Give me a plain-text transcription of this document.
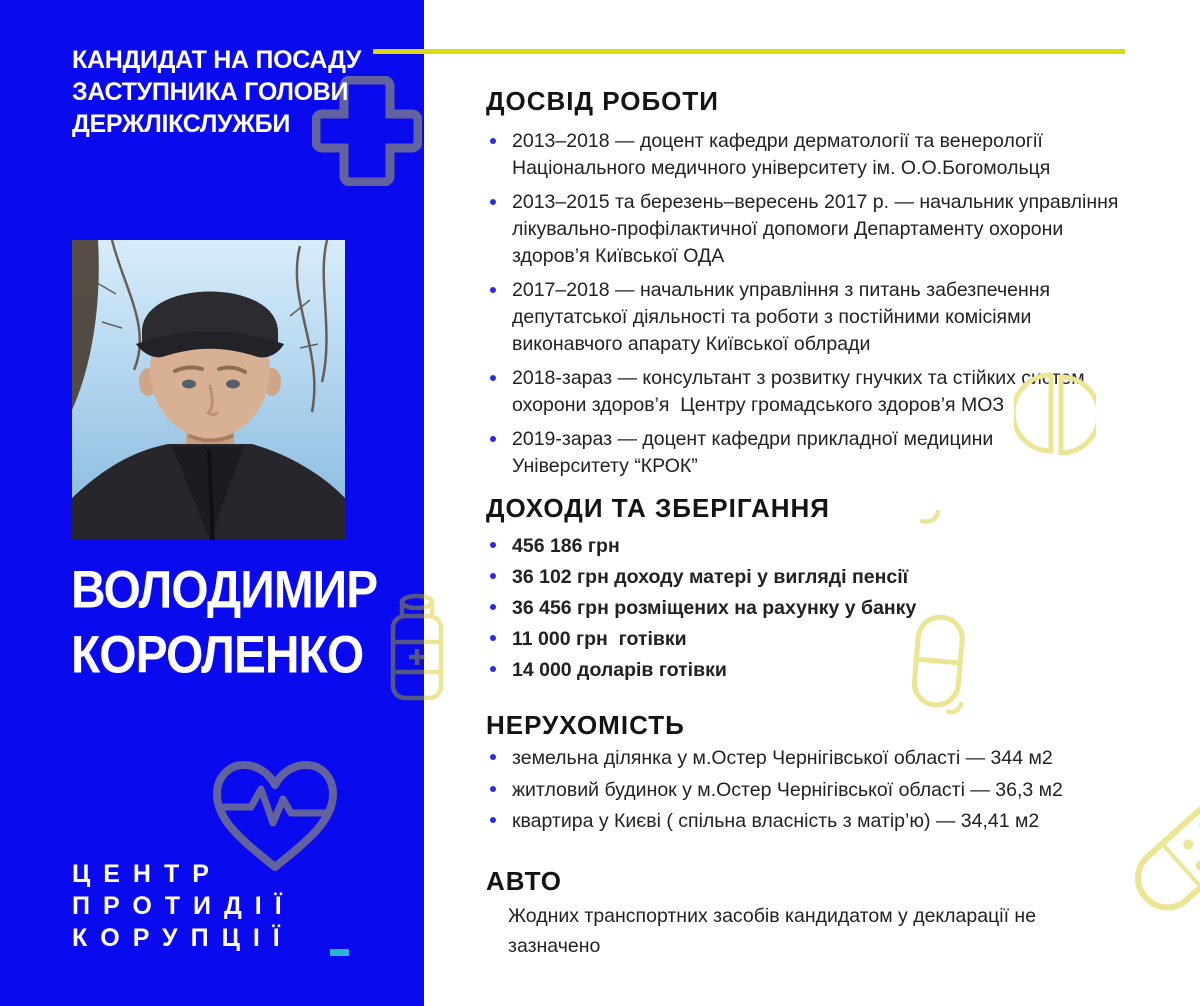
КАНДИДАТ НА ПОСАДУ
ЗАСТУПНИКА ГОЛОВИ
ДЕРЖЛІКСЛУЖБИ
ВОЛОДИМИР
КОРОЛЕНКО
ЦЕНТР
ПРОТИДІЇ
КОРУПЦІЇ
ДОСВІД РОБОТИ
2013–2018 — доцент кафедри дерматології та венерології
Національного медичного університету ім. О.О.Богомольця
2013–2015 та березень–вересень 2017 р. — начальник управління
лікувально-профілактичної допомоги Департаменту охорони
здоров’я Київської ОДА
2017–2018 — начальник управління з питань забезпечення
депутатської діяльності та роботи з постійними комісіями
виконавчого апарату Київської облради
2018-зараз — консультант з розвитку гнучких та стійких систем
охорони здоров’я  Центру громадського здоров’я МОЗ
2019-зараз — доцент кафедри прикладної медицини
Університету “КРОК”
ДОХОДИ ТА ЗБЕРІГАННЯ
456 186 грн
36 102 грн доходу матері у вигляді пенсії
36 456 грн розміщених на рахунку у банку
11 000 грн  готівки
14 000 доларів готівки
НЕРУХОМІСТЬ
земельна ділянка у м.Остер Чернігівської області — 344 м2
житловий будинок у м.Остер Чернігівської області — 36,3 м2
квартира у Києві ( спільна власність з матір’ю) — 34,41 м2
АВТО
Жодних транспортних засобів кандидатом у декларації не
зазначено
